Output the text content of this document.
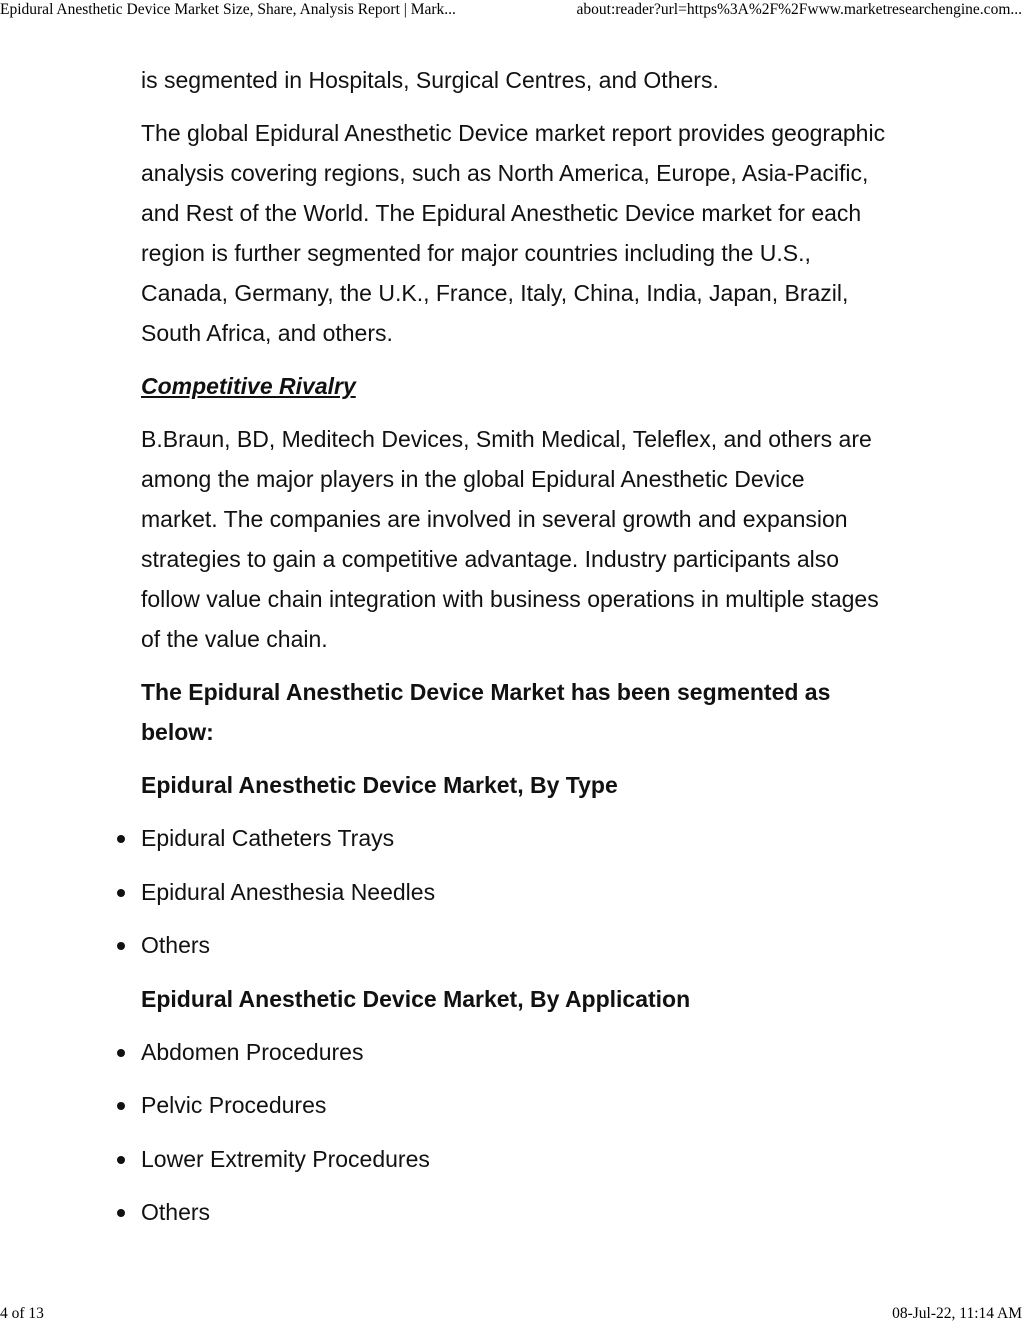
Epidural Anesthetic Device Market Size, Share, Analysis Report | Mark...	about:reader?url=https%3A%2F%2Fwww.marketresearchengine.com...

is segmented in Hospitals, Surgical Centres, and Others.

The global Epidural Anesthetic Device market report provides geographic analysis covering regions, such as North America, Europe, Asia-Pacific, and Rest of the World. The Epidural Anesthetic Device market for each region is further segmented for major countries including the U.S., Canada, Germany, the U.K., France, Italy, China, India, Japan, Brazil, South Africa, and others.

Competitive Rivalry

B.Braun, BD, Meditech Devices, Smith Medical, Teleflex, and others are among the major players in the global Epidural Anesthetic Device market. The companies are involved in several growth and expansion strategies to gain a competitive advantage. Industry participants also follow value chain integration with business operations in multiple stages of the value chain.

The Epidural Anesthetic Device Market has been segmented as below:
Epidural Anesthetic Device Market, By Type
Epidural Catheters Trays
Epidural Anesthesia Needles
Others
Epidural Anesthetic Device Market, By Application
Abdomen Procedures
Pelvic Procedures
Lower Extremity Procedures
Others
4 of 13	08-Jul-22, 11:14 AM
